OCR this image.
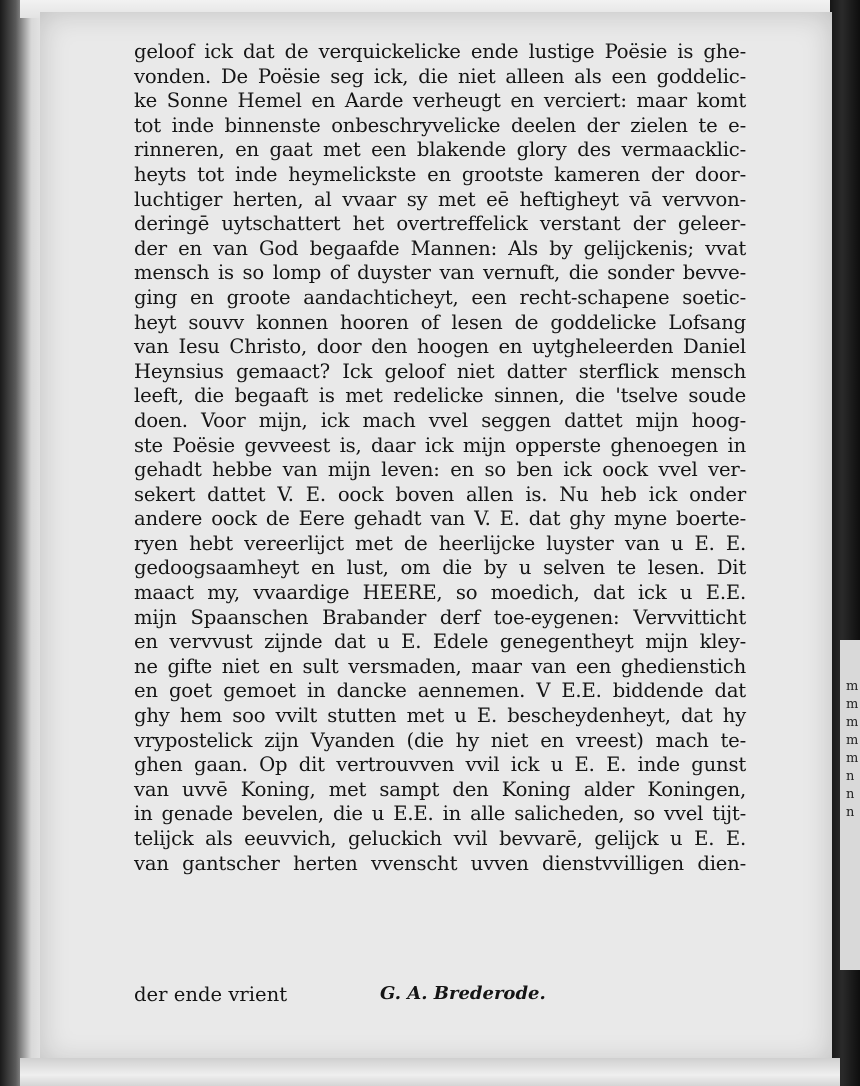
m
m
m
m
m
n
n
n
geloof ick dat de verquickelicke ende lustige Poësie is ghe-
vonden. De Poësie seg ick, die niet alleen als een goddelic-
ke Sonne Hemel en Aarde verheugt en verciert: maar komt
tot inde binnenste onbeschryvelicke deelen der zielen te e-
rinneren, en gaat met een blakende glory des vermaacklic-
heyts tot inde heymelickste en grootste kameren der door-
luchtiger herten, al vvaar sy met eē heftigheyt vā vervvon-
deringē uytschattert het overtreffelick verstant der geleer-
der en van God begaafde Mannen: Als by gelijckenis; vvat
mensch is so lomp of duyster van vernuft, die sonder bevve-
ging en groote aandachticheyt, een recht-schapene soetic-
heyt souvv konnen hooren of lesen de goddelicke Lofsang
van Iesu Christo, door den hoogen en uytgheleerden Daniel
Heynsius gemaact? Ick geloof niet datter sterflick mensch
leeft, die begaaft is met redelicke sinnen, die 'tselve soude
doen. Voor mijn, ick mach vvel seggen dattet mijn hoog-
ste Poësie gevveest is, daar ick mijn opperste ghenoegen in
gehadt hebbe van mijn leven: en so ben ick oock vvel ver-
sekert dattet V. E. oock boven allen is. Nu heb ick onder
andere oock de Eere gehadt van V. E. dat ghy myne boerte-
ryen hebt vereerlijct met de heerlijcke luyster van u E. E.
gedoogsaamheyt en lust, om die by u selven te lesen. Dit
maact my, vvaardige HEERE, so moedich, dat ick u E.E.
mijn Spaanschen Brabander derf toe-eygenen: Vervvitticht
en vervvust zijnde dat u E. Edele genegentheyt mijn kley-
ne gifte niet en sult versmaden, maar van een ghedienstich
en goet gemoet in dancke aennemen. V E.E. biddende dat
ghy hem soo vvilt stutten met u E. bescheydenheyt, dat hy
vrypostelick zijn Vyanden (die hy niet en vreest) mach te-
ghen gaan. Op dit vertrouvven vvil ick u E. E. inde gunst
van uvvē Koning, met sampt den Koning alder Koningen,
in genade bevelen, die u E.E. in alle salicheden, so vvel tijt-
telijck als eeuvvich, geluckich vvil bevvarē, gelijck u E. E.
van gantscher herten vvenscht uvven dienstvvilligen dien-
der ende vrient	G. A. Brederode.
